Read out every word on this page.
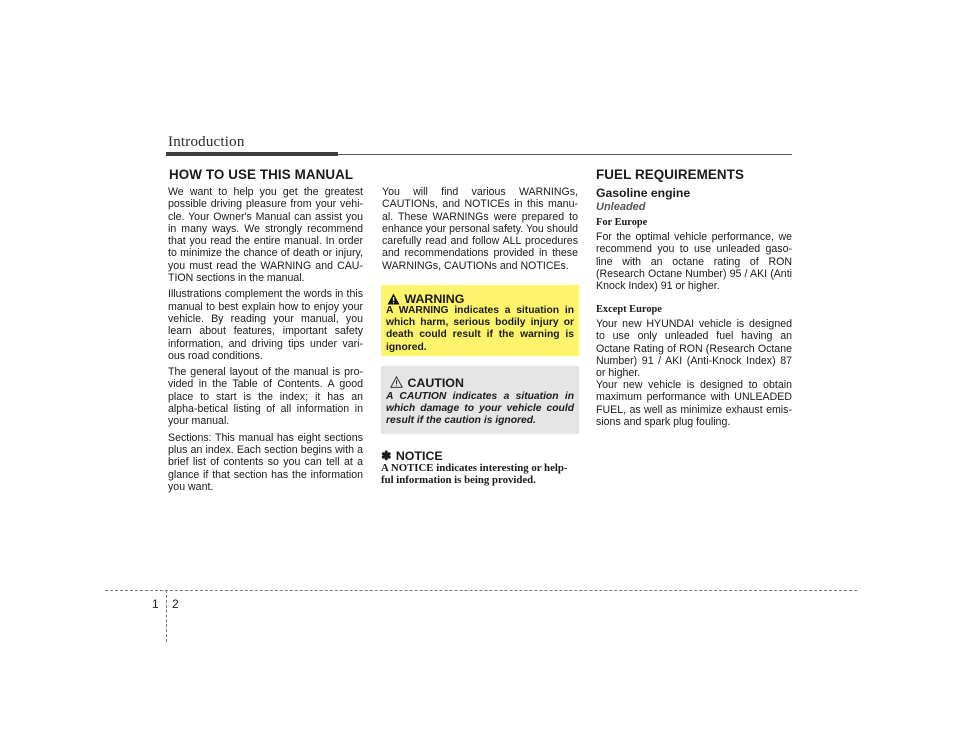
Introduction
HOW TO USE THIS MANUAL

We want to help you get the greatest possible driving pleasure from your vehi-cle. Your Owner's Manual can assist you in many ways. We strongly recommend that you read the entire manual. In order to minimize the chance of death or injury, you must read the WARNING and CAU-TION sections in the manual.

Illustrations complement the words in this manual to best explain how to enjoy your vehicle. By reading your manual, you learn about features, important safety information, and driving tips under vari-ous road conditions.

The general layout of the manual is pro-vided in the Table of Contents. A good place to start is the index; it has an alpha-betical listing of all information in your manual.

Sections: This manual has eight sections plus an index. Each section begins with a brief list of contents so you can tell at a glance if that section has the information you want.

You will find various WARNINGs, CAUTIONs, and NOTICEs in this manu-al. These WARNINGs were prepared to enhance your personal safety. You should carefully read and follow ALL procedures and recommendations provided in these WARNINGs, CAUTIONs and NOTICEs.
WARNING
A WARNING indicates a situation in which harm, serious bodily injury or death could result if the warning is ignored.
CAUTION
A CAUTION indicates a situation in which damage to your vehicle could result if the caution is ignored.
✽ NOTICE
A NOTICE indicates interesting or help-ful information is being provided.
FUEL REQUIREMENTS
Gasoline engine
Unleaded
For Europe
For the optimal vehicle performance, we recommend you to use unleaded gaso-line with an octane rating of RON (Research Octane Number) 95 / AKI (Anti Knock Index) 91 or higher.
Except Europe
Your new HYUNDAI vehicle is designed to use only unleaded fuel having an Octane Rating of RON (Research Octane Number) 91 / AKI (Anti-Knock Index) 87 or higher.
Your new vehicle is designed to obtain maximum performance with UNLEADED FUEL, as well as minimize exhaust emis-sions and spark plug fouling.
1 2
